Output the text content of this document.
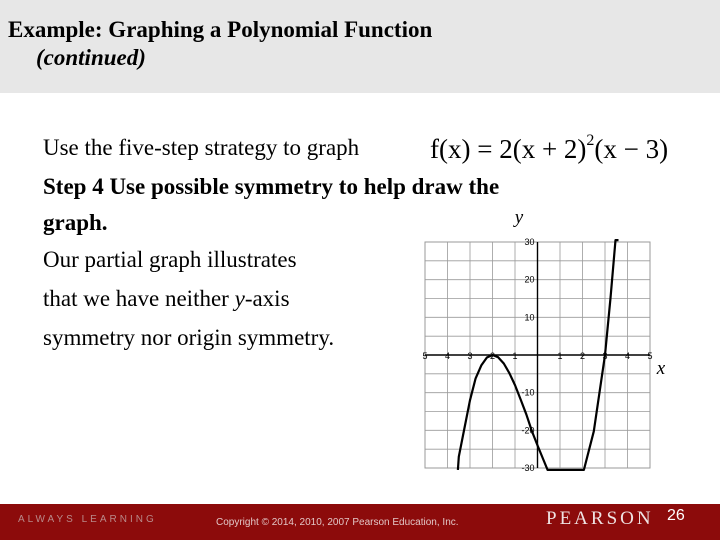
Example: Graphing a Polynomial Function
(continued)
Use the five-step strategy to graph	$f(x) = 2(x + 2)^2(x - 3)$
Step 4 Use possible symmetry to help draw the
graph.
Our partial graph illustrates
that we have neither y-axis
symmetry nor origin symmetry.
5 4 3 2 1	1 2 3 4 5
30
20
10
-10
-20
-30
y
x
ALWAYS LEARNING	Copyright © 2014, 2010, 2007 Pearson Education, Inc.	PEARSON 26
